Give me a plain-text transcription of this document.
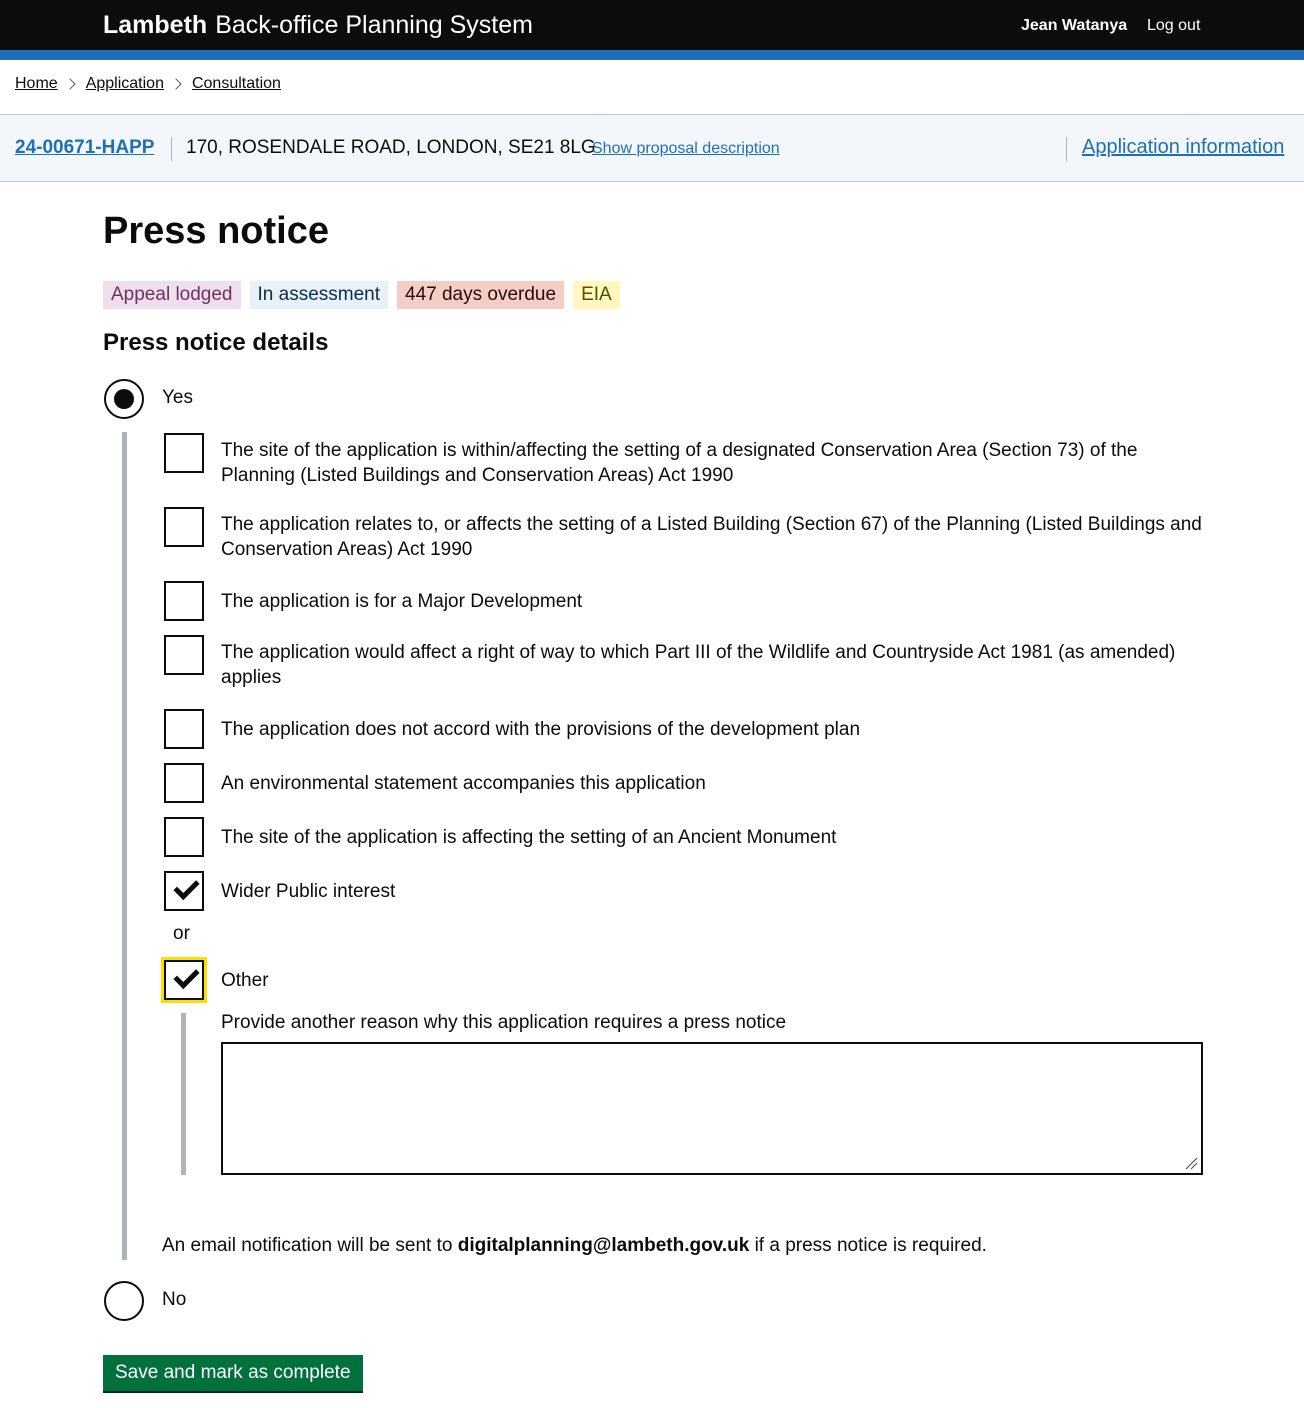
Lambeth Back-office Planning System	Jean Watanya Log out
Home Application Consultation
24-00671-HAPP 170, ROSENDALE ROAD, LONDON, SE21 8LG
Show proposal description	Application information
Press notice
Appeal lodged	In assessment	447 days overdue	EIA
Press notice details
Yes
The site of the application is within/affecting the setting of a designated Conservation Area (Section 73) of the Planning (Listed Buildings and Conservation Areas) Act 1990
The application relates to, or affects the setting of a Listed Building (Section 67) of the Planning (Listed Buildings and Conservation Areas) Act 1990
The application is for a Major Development
The application would affect a right of way to which Part III of the Wildlife and Countryside Act 1981 (as amended) applies
The application does not accord with the provisions of the development plan
An environmental statement accompanies this application
The site of the application is affecting the setting of an Ancient Monument
Wider Public interest
or
Other
Provide another reason why this application requires a press notice
An email notification will be sent to digitalplanning@lambeth.gov.uk if a press notice is required.
No
Save and mark as complete
